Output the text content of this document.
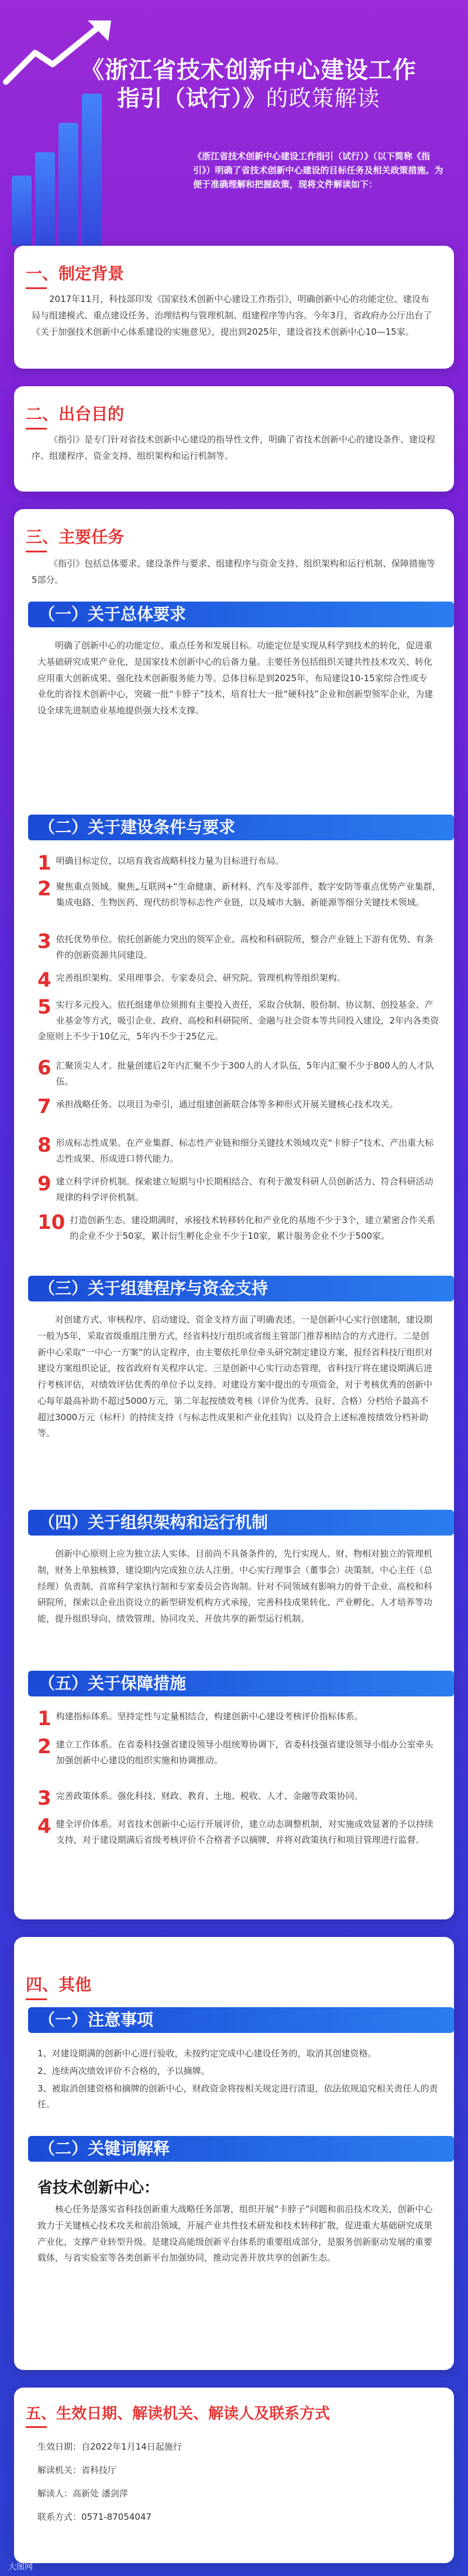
《浙江省技术创新中心建设工作
指引（试行）》的政策解读
《浙江省技术创新中心建设工作指引（试行）》（以下简称《指引》）明确了省技术创新中心建设的目标任务及相关政策措施。为便于准确理解和把握政策，现将文件解读如下：
一、制定背景
2017年11月，科技部印发《国家技术创新中心建设工作指引》，明确创新中心的功能定位、建设布局与组建模式、重点建设任务、治理结构与管理机制、组建程序等内容。今年3月，省政府办公厅出台了《关于加强技术创新中心体系建设的实施意见》，提出到2025年，建设省技术创新中心10—15家。
二、出台目的
《指引》是专门针对省技术创新中心建设的指导性文件，明确了省技术创新中心的建设条件、建设程序、组建程序、资金支持、组织架构和运行机制等。
三、主要任务
《指引》包括总体要求、建设条件与要求、组建程序与资金支持、组织架构和运行机制、保障措施等5部分。
（一）关于总体要求
明确了创新中心的功能定位、重点任务和发展目标。功能定位是实现从科学到技术的转化，促进重大基础研究成果产业化，是国家技术创新中心的后备力量。主要任务包括组织关键共性技术攻关、转化应用重大创新成果、强化技术创新服务能力等。总体目标是到2025年，布局建设10-15家综合性或专业化的省技术创新中心，突破一批“卡脖子”技术，培育壮大一批“硬科技”企业和创新型领军企业，为建设全球先进制造业基地提供强大技术支撑。
（二）关于建设条件与要求
1 明确目标定位，以培育我省战略科技力量为目标进行布局。
2 聚焦重点领域。聚焦„互联网+“生命健康、新材料、汽车及零部件、数字安防等重点优势产业集群，集成电路、生物医药、现代纺织等标志性产业链，以及城市大脑、新能源等细分关键技术领域。
3 依托优势单位。依托创新能力突出的领军企业、高校和科研院所，整合产业链上下游有优势、有条件的创新资源共同建设。
4 完善组织架构。采用理事会、专家委员会、研究院、管理机构等组织架构。
5 实行多元投入。依托组建单位须拥有主要投入责任，采取合伙制、股份制、协议制、创投基金、产业基金等方式，吸引企业、政府、高校和科研院所、金融与社会资本等共同投入建设，2年内各类资金原则上不少于10亿元，5年内不少于25亿元。
6 汇聚顶尖人才。批量创建后2年内汇聚不少于300人的人才队伍，5年内汇聚不少于800人的人才队伍。
7 承担战略任务。以项目为牵引，通过组建创新联合体等多种形式开展关键核心技术攻关。
8 形成标志性成果。在产业集群、标志性产业链和细分关键技术领域攻克“卡脖子”技术、产出重大标志性成果、形成进口替代能力。
9 建立科学评价机制。探索建立短期与中长期相结合、有利于激发科研人员创新活力、符合科研活动规律的科学评价机制。
10 打造创新生态。建设期满时，承接技术转移转化和产业化的基地不少于3个，建立紧密合作关系的企业不少于50家，累计衍生孵化企业不少于10家，累计服务企业不少于500家。
（三）关于组建程序与资金支持
对创建方式、审核程序、启动建设、资金支持方面了明确表述。一是创新中心实行创建制，建设期一般为5年，采取省级重组注册方式，经省科技厅组织或省级主管部门推荐相结合的方式进行。二是创新中心采取“一中心一方案”的认定程序，由主要依托单位牵头研究制定建设方案，报经省科技厅组织对建设方案组织论证，按省政府有关程序认定。三是创新中心实行动态管理，省科技厅将在建设期满后进行考核评估，对绩效评估优秀的单位予以支持。对建设方案中提出的专项资金，对于考核优秀的创新中心每年最高补助不超过5000万元，第二年起按绩效考核（评价为优秀、良好、合格）分档给予最高不超过3000万元（标杆）的持续支持（与标志性成果和产业化挂钩）以及符合上述标准按绩效分档补助等。
（四）关于组织架构和运行机制
创新中心原则上应为独立法人实体。目前尚不具备条件的，先行实现人、财、物相对独立的管理机制，财务上单独核算，建设期内完成独立法人注册。中心实行理事会（董事会）决策制、中心主任（总经理）负责制、首席科学家执行制和专家委员会咨询制。针对不同领域有影响力的骨干企业、高校和科研院所，探索以企业出资设立的新型研发机构方式承接，完善科技成果转化、产业孵化、人才培养等功能，提升组织导向、绩效管理、协同攻关、开放共享的新型运行机制。
（五）关于保障措施
1 构建指标体系。坚持定性与定量相结合，构建创新中心建设考核评价指标体系。
2 建立工作体系。在省委科技强省建设领导小组统筹协调下，省委科技强省建设领导小组办公室牵头加强创新中心建设的组织实施和协调推动。
3 完善政策体系。强化科技、财政、教育、土地、税收、人才、金融等政策协同。
4 健全评价体系。对省技术创新中心运行开展评价，建立动态调整机制，对实施成效显著的予以持续支持，对于建设期满后省级考核评价不合格者予以摘牌，并将对政策执行和项目管理进行监督。
四、其他
（一）注意事项
1、对建设期满的创新中心进行验收，未按约定完成中心建设任务的，取消其创建资格。
2、连续两次绩效评价不合格的，予以摘牌。
3、被取消创建资格和摘牌的创新中心，财政资金将按相关规定进行清退，依法依规追究相关责任人的责任。
（二）关键词解释
省技术创新中心：
核心任务是落实省科技创新重大战略任务部署，组织开展“卡脖子”问题和前沿技术攻关，创新中心致力于关键核心技术攻关和前沿领域，开展产业共性技术研发和技术转移扩散，促进重大基础研究成果产业化，支撑产业转型升级。是建设高能级创新平台体系的重要组成部分，是服务创新驱动发展的重要载体，与省实验室等各类创新平台加强协同，推动完善开放共享的创新生态。
五、生效日期、解读机关、解读人及联系方式
生效日期：自2022年1月14日起施行
解读机关：省科技厅
解读人：高新处 潘剑萍
联系方式：0571-87054047
大图网
